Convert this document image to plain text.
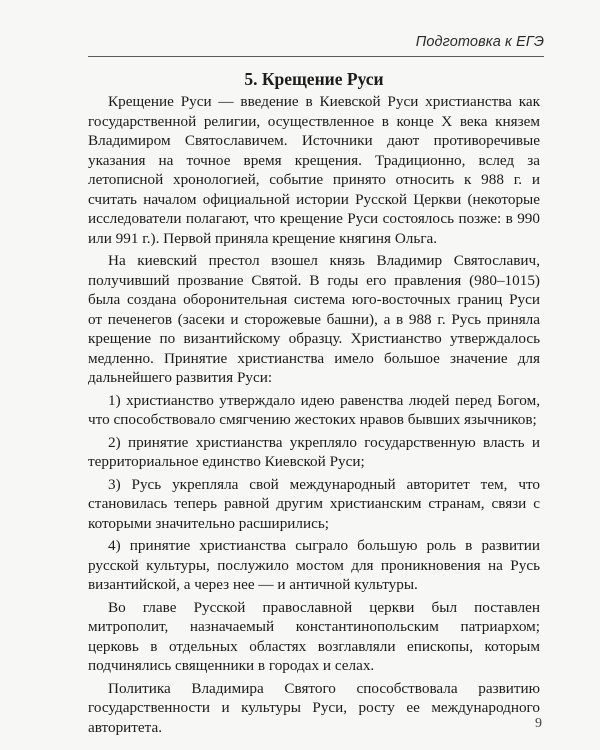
Подготовка к ЕГЭ
5. Крещение Руси

Крещение Руси — введение в Киевской Руси христианства как государственной религии, осуществленное в конце X века князем Владимиром Святославичем. Источники дают противоречивые указания на точное время крещения. Традиционно, вслед за летописной хронологией, событие принято относить к 988 г. и считать началом официальной истории Русской Церкви (некоторые исследователи полагают, что крещение Руси состоялось позже: в 990 или 991 г.). Первой приняла крещение княгиня Ольга.

На киевский престол взошел князь Владимир Святославич, получивший прозвание Святой. В годы его правления (980–1015) была создана оборонительная система юго-восточных границ Руси от печенегов (засеки и сторожевые башни), а в 988 г. Русь приняла крещение по византийскому образцу. Христианство утверждалось медленно. Принятие христианства имело большое значение для дальнейшего развития Руси:

1) христианство утверждало идею равенства людей перед Богом, что способствовало смягчению жестоких нравов бывших язычников;

2) принятие христианства укрепляло государственную власть и территориальное единство Киевской Руси;

3) Русь укрепляла свой международный авторитет тем, что становилась теперь равной другим христианским странам, связи с которыми значительно расширились;

4) принятие христианства сыграло большую роль в развитии русской культуры, послужило мостом для проникновения на Русь византийской, а через нее — и античной культуры.

Во главе Русской православной церкви был поставлен митрополит, назначаемый константинопольским патриархом; церковь в отдельных областях возглавляли епископы, которым подчинялись священники в городах и селах.

Политика Владимира Святого способствовала развитию государственности и культуры Руси, росту ее международного авторитета.	9
